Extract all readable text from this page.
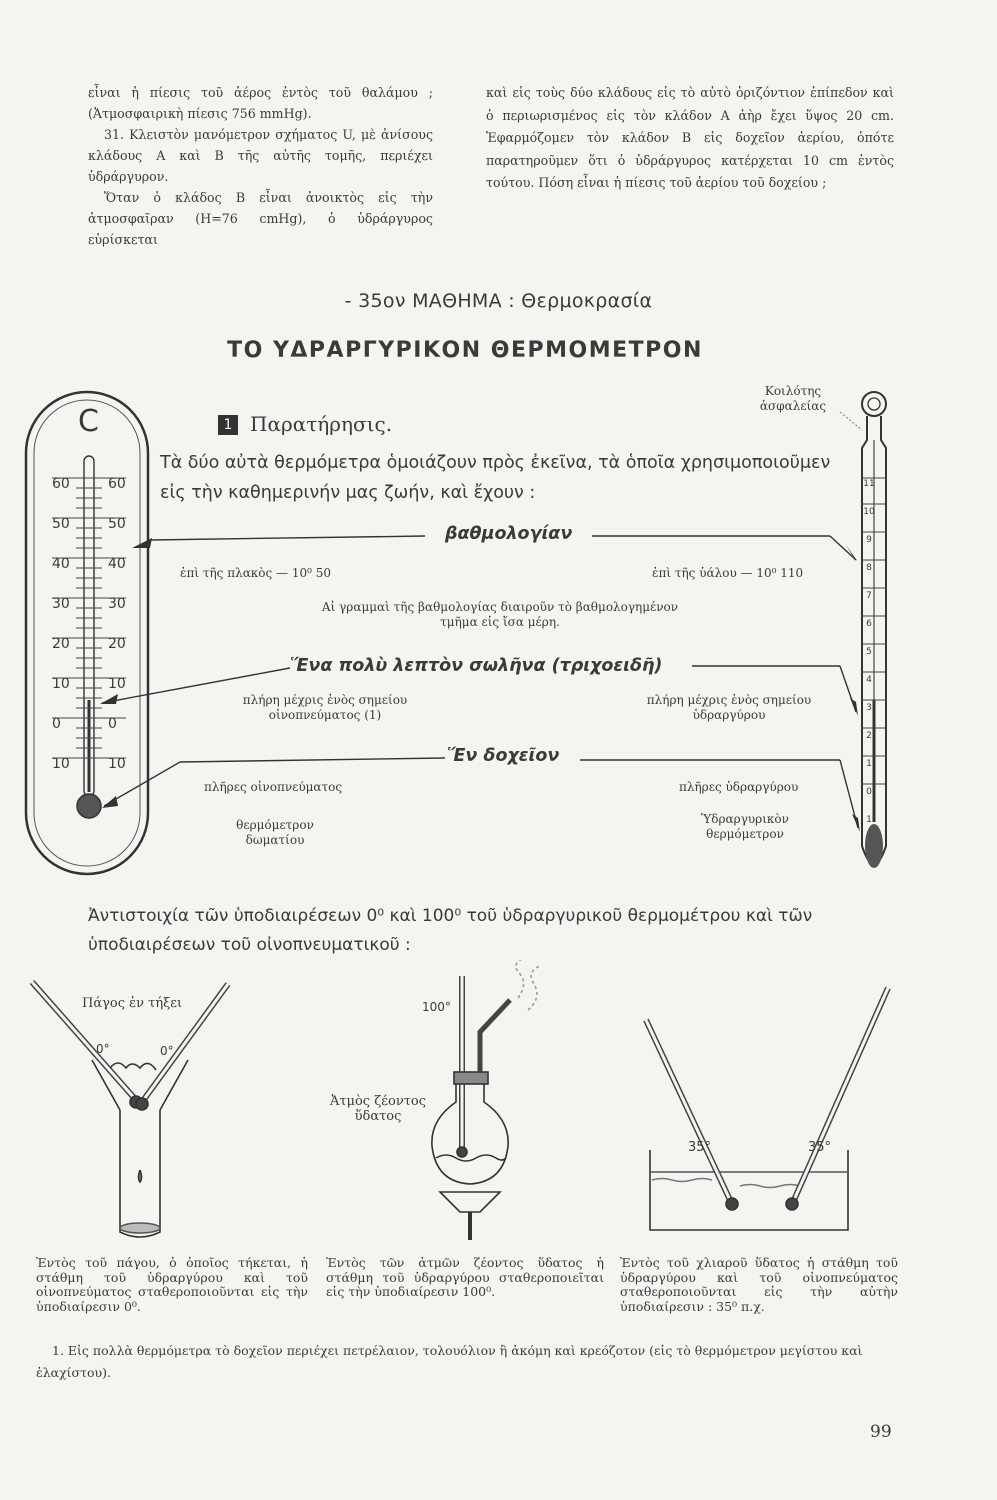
εἶναι ἡ πίεσις τοῦ ἀέρος ἐντὸς τοῦ θαλάμου ; (Ἀτμοσφαιρικὴ πίεσις 756 mmHg).

31. Κλειστὸν μανόμετρον σχήματος U, μὲ ἀνίσους κλάδους A καὶ B τῆς αὐτῆς τομῆς, περιέχει ὑδράργυρον.

Ὅταν ὁ κλάδος B εἶναι ἀνοικτὸς εἰς τὴν ἀτμοσφαῖραν (H=76 cmHg), ὁ ὑδράργυρος εὑρίσκεται

καὶ εἰς τοὺς δύο κλάδους εἰς τὸ αὐτὸ ὁριζόντιον ἐπίπεδον καὶ ὁ περιωρισμένος εἰς τὸν κλάδον A ἀὴρ ἔχει ὕψος 20 cm. Ἐφαρμόζομεν τὸν κλάδον B εἰς δοχεῖον ἀερίου, ὁπότε παρατηροῦμεν ὅτι ὁ ὑδράργυρος κατέρχεται 10 cm ἐντὸς τούτου. Πόση εἶναι ἡ πίεσις τοῦ ἀερίου τοῦ δοχείου ;

- 35ον ΜΑΘΗΜΑ : Θερμοκρασία
ΤΟ ΥΔΡΑΡΓΥΡΙΚΟΝ ΘΕΡΜΟΜΕΤΡΟΝ
1 Παρατήρησις.
Τὰ δύο αὐτὰ θερμόμετρα ὁμοιάζουν πρὸς ἐκεῖνα, τὰ ὁποῖα χρησιμοποιοῦμεν εἰς τὴν καθημερινήν μας ζωήν, καὶ ἔχουν :
C
60
50
40
30
20
10
0
10
60
50
40
30
20
10
0
10
11
10
9
8
7
6
5
4
3
2
1
0
1
Κοιλότης ἀσφαλείας
βαθμολογίαν
ἐπὶ τῆς πλακὸς — 10⁰ 50	ἐπὶ τῆς ὑάλου — 10⁰ 110
Αἱ γραμμαὶ τῆς βαθμολογίας διαιροῦν τὸ βαθμολογημένον τμῆμα εἰς ἴσα μέρη.
Ἕνα πολὺ λεπτὸν σωλῆνα (τριχοειδῆ)
πλήρη μέχρις ἑνὸς σημείου οἰνοπνεύματος (1)
πλήρη μέχρις ἑνὸς σημείου ὑδραργύρου
Ἕν δοχεῖον
πλῆρες οἰνοπνεύματος	πλῆρες ὑδραργύρου
θερμόμετρον δωματίου
Ὑδραργυρικὸν θερμόμετρον
Ἀντιστοιχία τῶν ὑποδιαιρέσεων 0⁰ καὶ 100⁰ τοῦ ὑδραργυρικοῦ θερμομέτρου καὶ τῶν ὑποδιαιρέσεων τοῦ οἰνοπνευματικοῦ :
Πάγος ἐν τήξει
0°	0°
100°
Ἀτμὸς ζέοντος ὕδατος
35°	35°
Ἐντὸς τοῦ πάγου, ὁ ὁποῖος τήκεται, ἡ στάθμη τοῦ ὑδραργύρου καὶ τοῦ οἰνοπνεύματος σταθεροποιοῦνται εἰς τὴν ὑποδιαίρεσιν 0⁰.
Ἐντὸς τῶν ἀτμῶν ζέοντος ὕδατος ἡ στάθμη τοῦ ὑδραργύρου σταθεροποιεῖται εἰς τὴν ὑποδιαίρεσιν 100⁰.
Ἐντὸς τοῦ χλιαροῦ ὕδατος ἡ στάθμη τοῦ ὑδραργύρου καὶ τοῦ οἰνοπνεύματος σταθεροποιοῦνται εἰς τὴν αὐτὴν ὑποδιαίρεσιν : 35⁰ π.χ.
1. Εἰς πολλὰ θερμόμετρα τὸ δοχεῖον περιέχει πετρέλαιον, τολουόλιον ἢ ἀκόμη καὶ κρεόζοτον (εἰς τὸ θερμόμετρον μεγίστου καὶ ἐλαχίστου).
99
